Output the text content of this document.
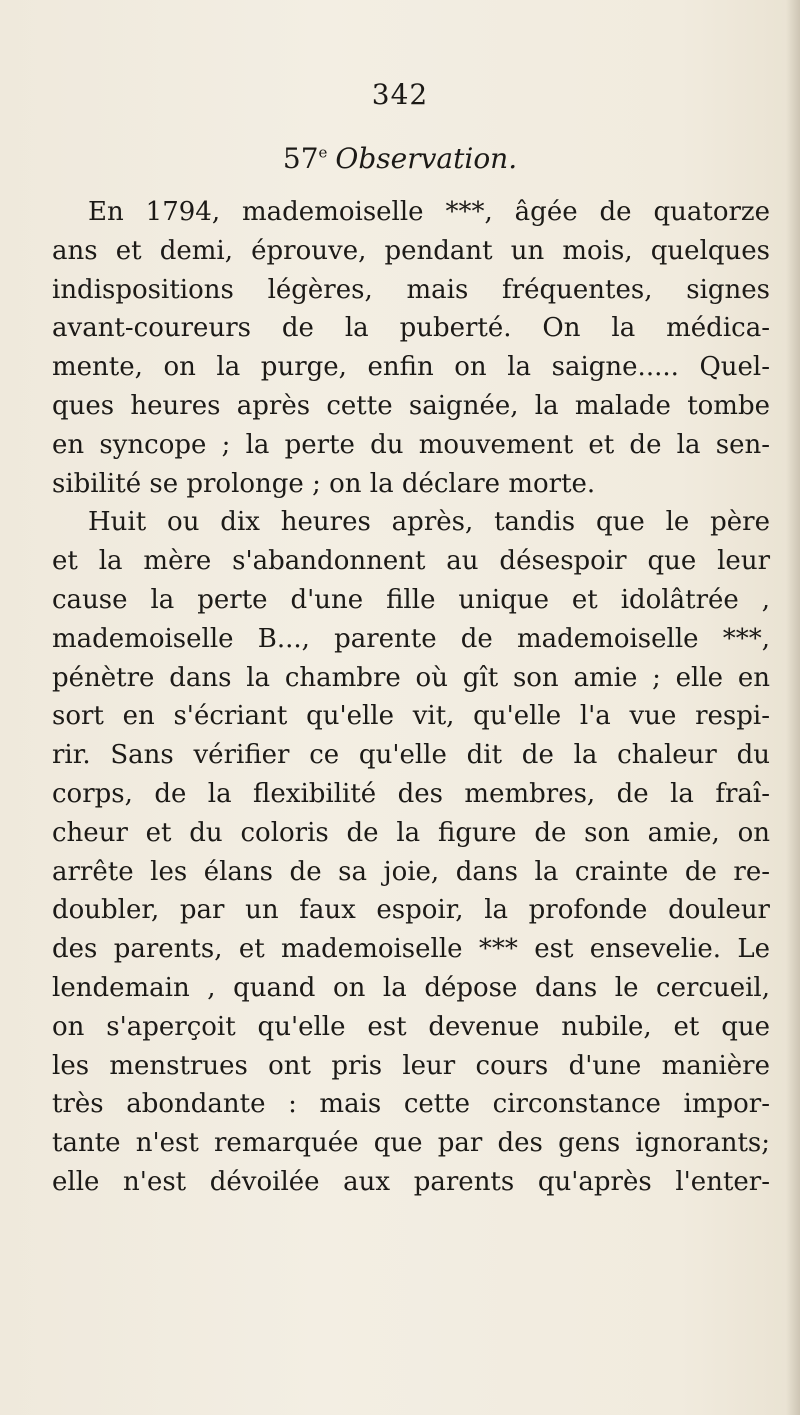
342
57e Observation.
En 1794, mademoiselle ***, âgée de quatorze
ans et demi, éprouve, pendant un mois, quelques
indispositions légères, mais fréquentes, signes
avant-coureurs de la puberté. On la médica-
mente, on la purge, enfin on la saigne..... Quel-
ques heures après cette saignée, la malade tombe
en syncope ; la perte du mouvement et de la sen-
sibilité se prolonge ; on la déclare morte.
Huit ou dix heures après, tandis que le père
et la mère s'abandonnent au désespoir que leur
cause la perte d'une fille unique et idolâtrée ,
mademoiselle B..., parente de mademoiselle ***,
pénètre dans la chambre où gît son amie ; elle en
sort en s'écriant qu'elle vit, qu'elle l'a vue respi-
rir. Sans vérifier ce qu'elle dit de la chaleur du
corps, de la flexibilité des membres, de la fraî-
cheur et du coloris de la figure de son amie, on
arrête les élans de sa joie, dans la crainte de re-
doubler, par un faux espoir, la profonde douleur
des parents, et mademoiselle *** est ensevelie. Le
lendemain , quand on la dépose dans le cercueil,
on s'aperçoit qu'elle est devenue nubile, et que
les menstrues ont pris leur cours d'une manière
très abondante : mais cette circonstance impor-
tante n'est remarquée que par des gens ignorants;
elle n'est dévoilée aux parents qu'après l'enter-
